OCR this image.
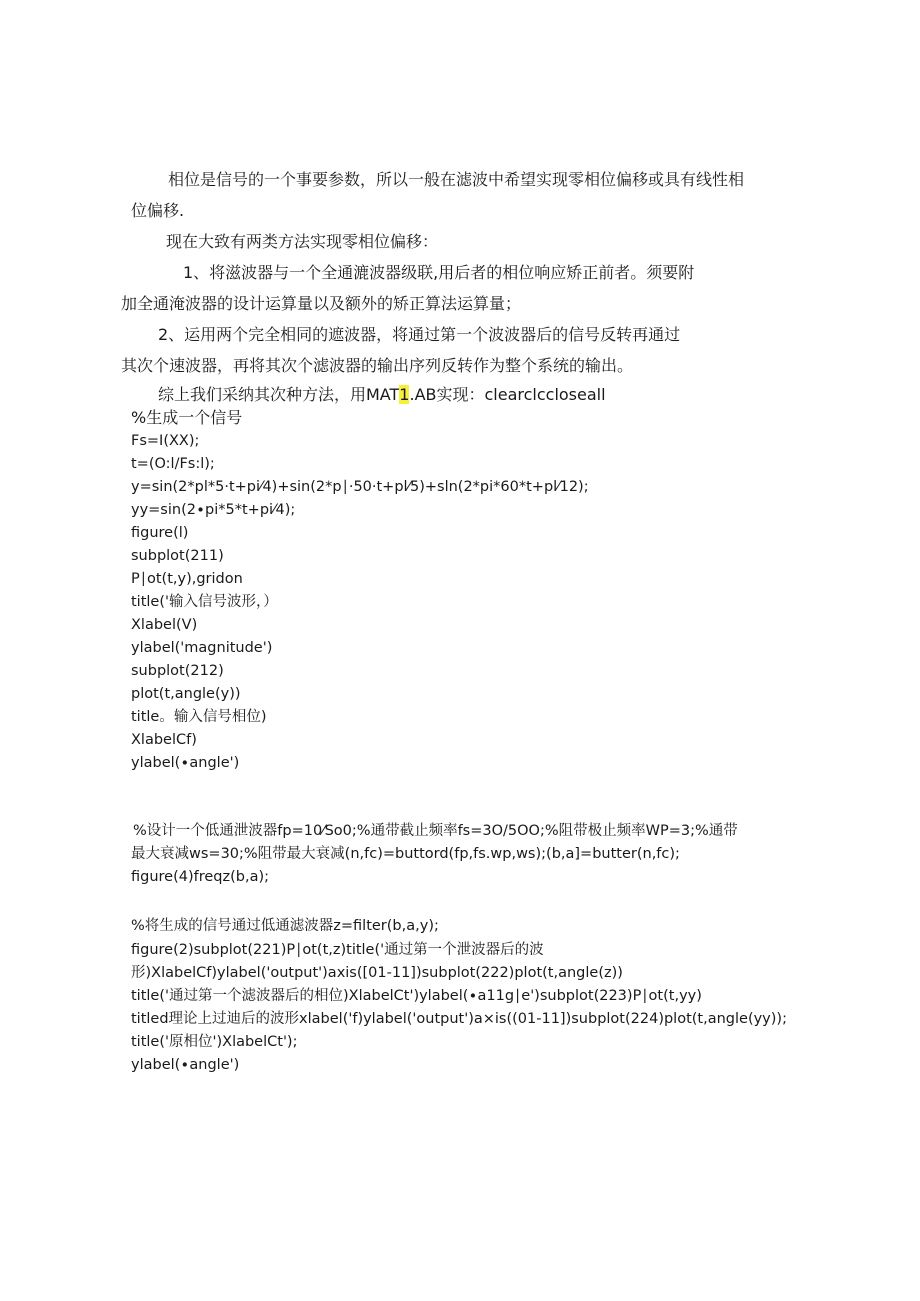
相位是信号的一个事要参数，所以一般在滤波中希望实现零相位偏移或具有线性相
位偏移.
现在大致有两类方法实现零相位偏移：
1、将滋波器与一个全通漉波器级联,用后者的相位响应矫正前者。须要附
加全通淹波器的设计运算量以及额外的矫正算法运算量；
2、运用两个完全相同的遮波器，将通过第一个波波器后的信号反转再通过
其次个速波器，再将其次个滤波器的输出序列反转作为整个系统的输出。
综上我们采纳其次种方法，用MAT1.AB实现：clearclccloseall
%生成一个信号
Fs=I(XX);
t=(O:l/Fs:l);
y=sin(2*pl*5·t+pi⁄4)+sin(2*p∣·50·t+pl⁄5)+sln(2*pi*60*t+pl⁄12);
yy=sin(2∙pi*5*t+pi⁄4);
figure(l)
subplot(211)
P∣ot(t,y),gridon
title('输入信号波形，）
Xlabel(V)
ylabel('magnitude')
subplot(212)
plot(t,angle(y))
title。输入信号相位)
XlabelCf)
ylabel(∙angle')
%设计一个低通泄波器fp=10⁄So0;%通带截止频率fs=3O/5OO;%阻带极止频率WP=3;%通带
最大衰减ws=30;%阻带最大衰减(n,fc)=buttord(fp,fs.wp,ws);(b,a]=butter(n,fc);
figure(4)freqz(b,a);
%将生成的信号通过低通滤波器z=filter(b,a,y);
figure(2)subplot(221)P∣ot(t,z)title('通过第一个泄波器后的波
形)XlabelCf)ylabel('output')axis([01-11])subplot(222)plot(t,angle(z))
title('通过第一个滤波器后的相位)XlabelCt')ylabel(∙a11g∣e')subplot(223)P∣ot(t,yy)
titled理论上过迪后的波形xlabel('f)ylabel('output')a×is((01-11])subplot(224)plot(t,angle(yy));
title('原相位')XlabelCt');
ylabel(∙angle')
